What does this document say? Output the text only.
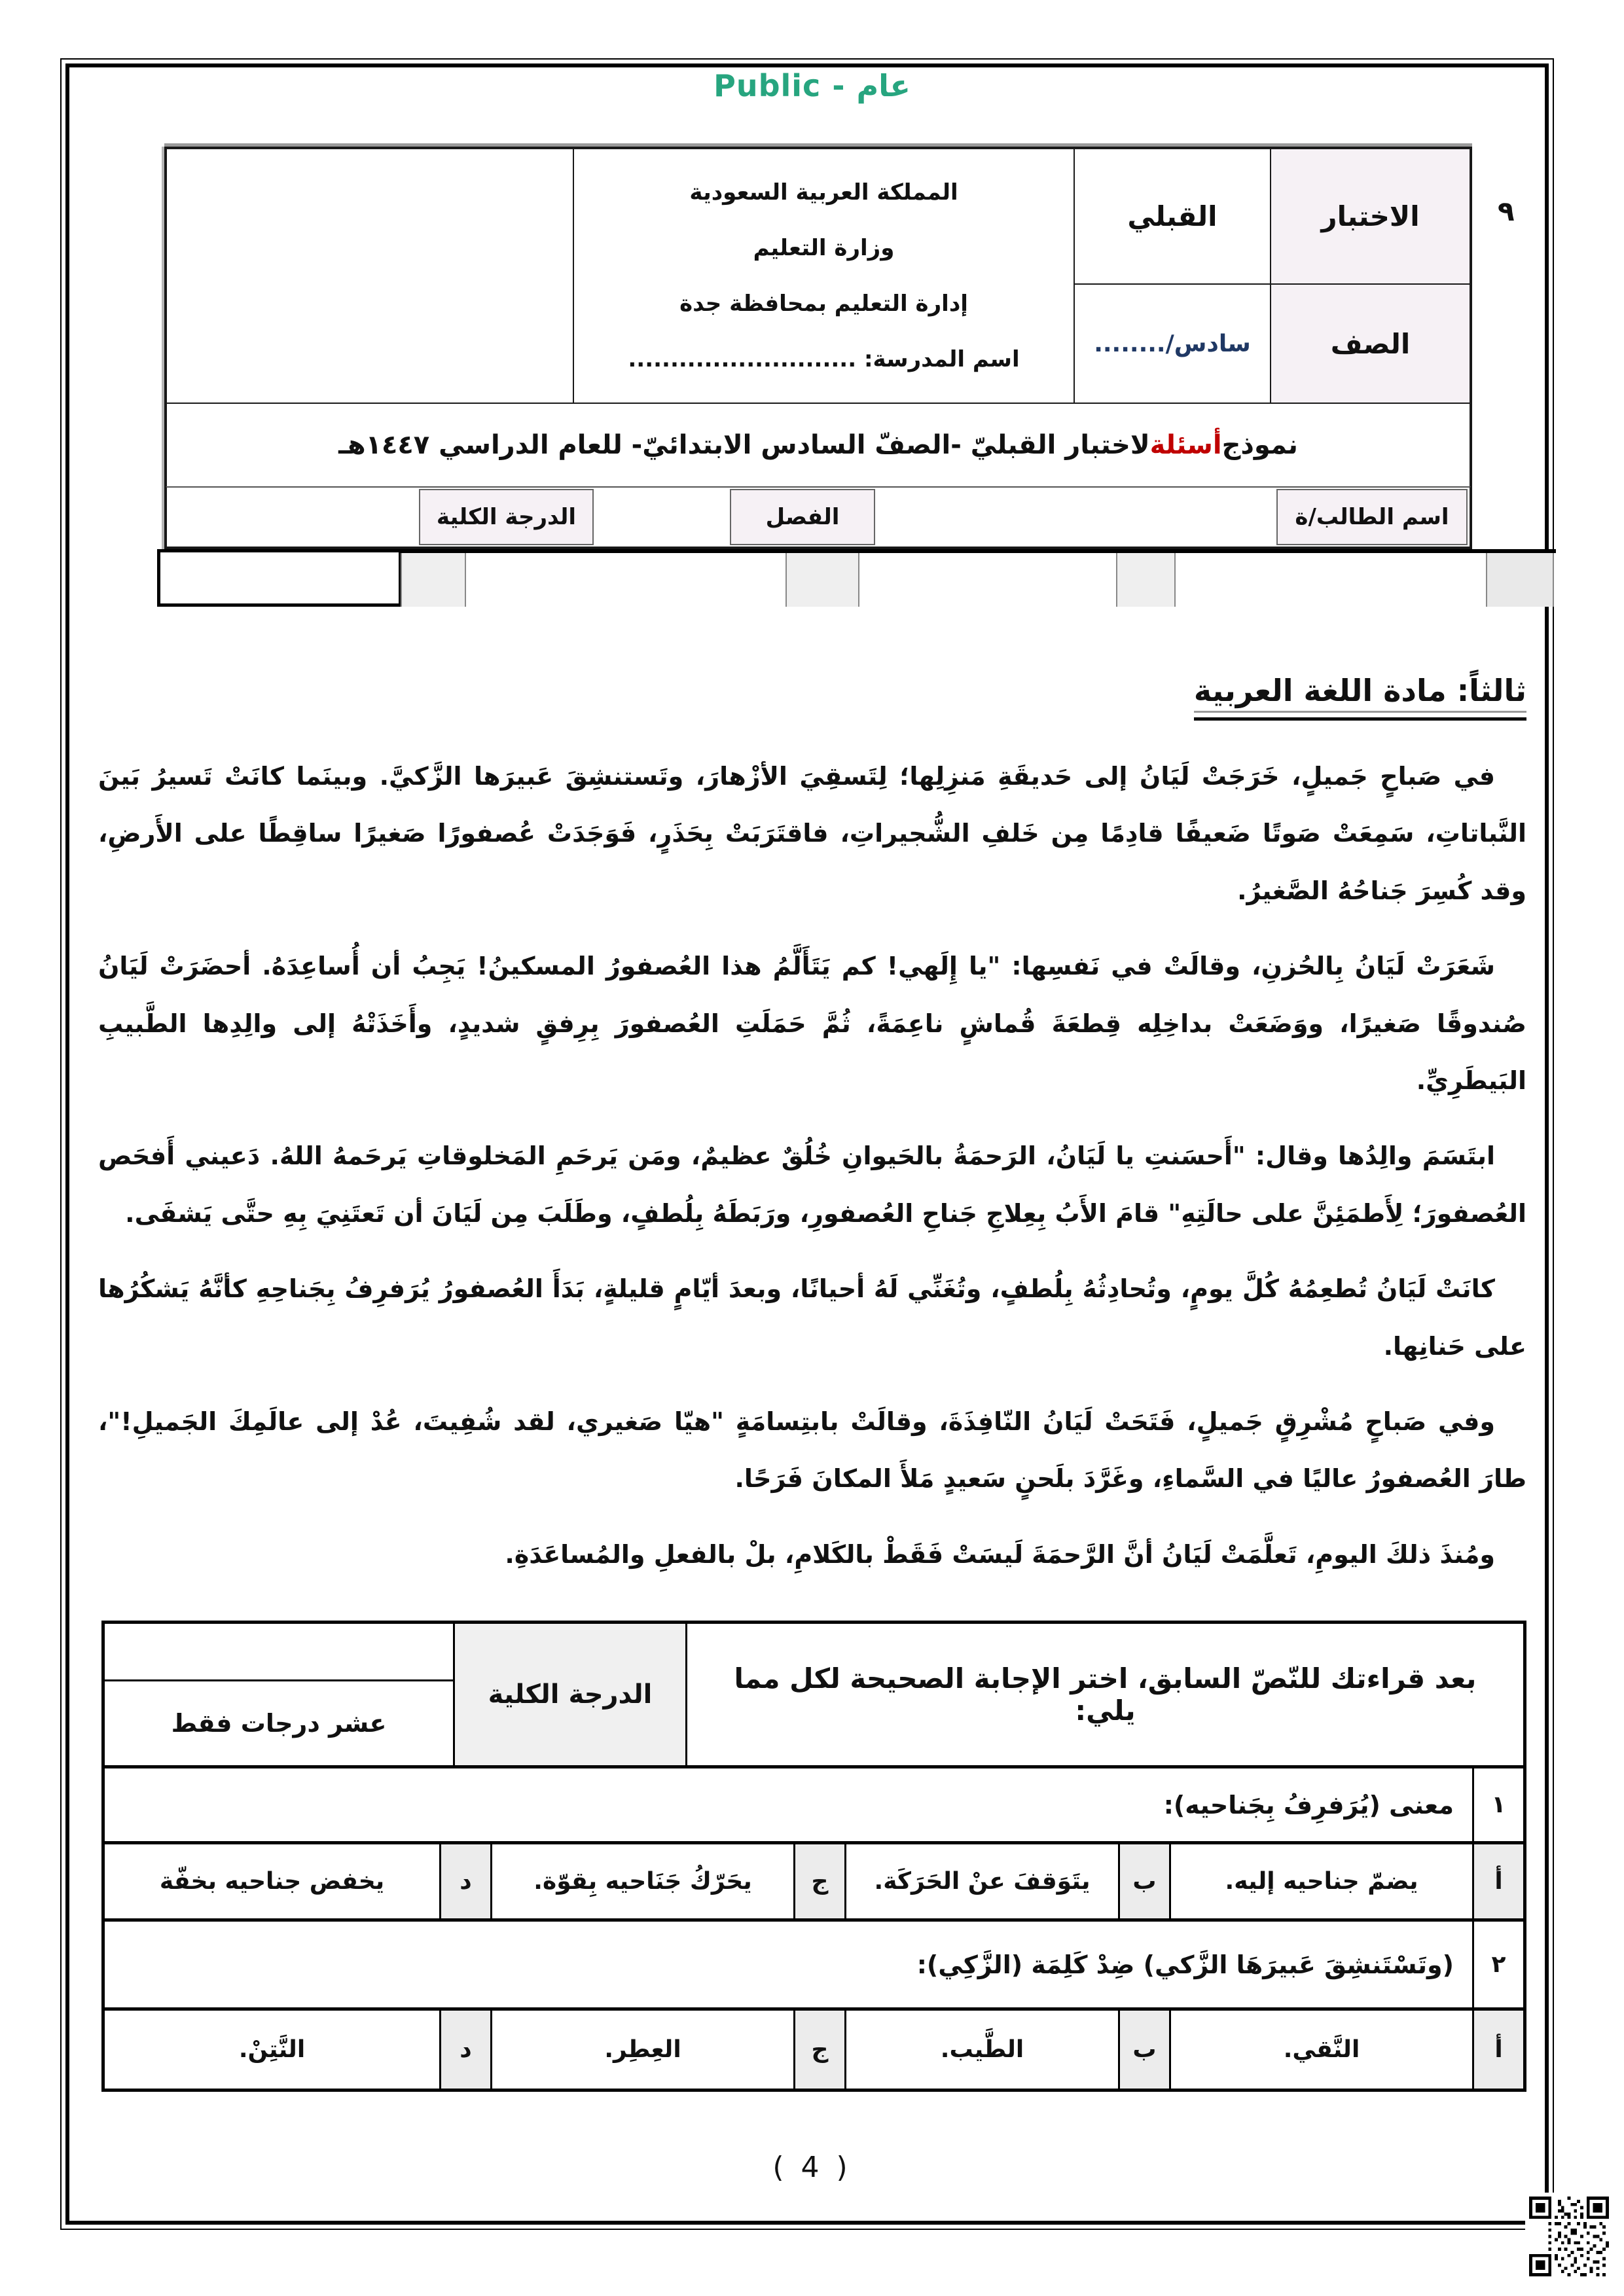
Public - عام
٩
الاختبار
القبلي
الصف
سادس/........
المملكة العربية السعودية
وزارة التعليم
إدارة التعليم بمحافظة جدة
اسم المدرسة: ...........................
نموذج
أسئلة
لاختبار القبليّ -الصفّ السادس الابتدائيّ- للعام الدراسي ١٤٤٧هـ
اسم الطالب/ة
الفصل
الدرجة الكلية
ثالثاً: مادة اللغة العربية

في صَباحٍ جَميلٍ، خَرَجَتْ لَيَانُ إلى حَديقَةِ مَنزِلِها؛ لِتَسقِيَ الأزْهارَ، وتَستنشِقَ عَبيرَها الزَّكيَّ. وبينَما كانَتْ تَسيرُ بَينَ النَّباتاتِ، سَمِعَتْ صَوتًا ضَعيفًا قادِمًا مِن خَلفِ الشُّجيراتِ، فاقتَرَبَتْ بِحَذَرٍ، فَوَجَدَتْ عُصفورًا صَغيرًا ساقِطًا على الأَرضِ، وقد كُسِرَ جَناحُهُ الصَّغيرُ.

شَعَرَتْ لَيَانُ بِالحُزنِ، وقالَتْ في نَفسِها: "يا إِلَهي! كم يَتَأَلَّمُ هذا العُصفورُ المسكينُ! يَجِبُ أن أُساعِدَهُ. أحضَرَتْ لَيَانُ صُندوقًا صَغيرًا، ووَضَعَتْ بداخِلِه قِطعَةَ قُماشٍ ناعِمَةً، ثُمَّ حَمَلَتِ العُصفورَ بِرِفقٍ شديدٍ، وأَخَذَتْهُ إلى والِدِها الطَّبيبِ البَيطَرِيِّ.

ابتَسَمَ والِدُها وقال: "أَحسَنتِ يا لَيَانُ، الرَحمَةُ بالحَيوانِ خُلُقٌ عظيمٌ، ومَن يَرحَمِ المَخلوقاتِ يَرحَمهُ اللهُ. دَعيني أَفحَص العُصفورَ؛ لِأَطمَئِنَّ على حالَتِهِ" قامَ الأَبُ بِعِلاجِ جَناحِ العُصفورِ، ورَبَطَهُ بِلُطفٍ، وطَلَبَ مِن لَيَانَ أن تَعتَنِيَ بِهِ حتَّى يَشفَى.

كانَتْ لَيَانُ تُطعِمُهُ كُلَّ يومٍ، وتُحادِثُهُ بِلُطفٍ، وتُغَنِّي لَهُ أحيانًا، وبعدَ أيّامٍ قليلةٍ، بَدَأَ العُصفورُ يُرَفرِفُ بِجَناحِهِ كأنَّهُ يَشكُرُها على حَنانِها.

وفي صَباحٍ مُشْرِقٍ جَميلٍ، فَتَحَتْ لَيَانُ النّافِذَةَ، وقالَتْ بابتِسامَةٍ "هيّا صَغيري، لقد شُفِيتَ، عُدْ إلى عالَمِكَ الجَميلِ!"، طارَ العُصفورُ عاليًا في السَّماءِ، وغَرَّدَ بلَحنٍ سَعيدٍ مَلأَ المكانَ فَرَحًا.

ومُنذَ ذلكَ اليومِ، تَعلَّمَتْ لَيَانُ أنَّ الرَّحمَةَ لَيسَتْ فَقَطْ بالكَلامِ، بلْ بالفعلِ والمُساعَدَةِ.

بعد قراءتك للنّصّ السابق، اختر الإجابة الصحيحة لكل مما يلي:
الدرجة الكلية
عشر درجات فقط
١
معنى (يُرَفرِفُ بِجَناحيه):
أ
يضمّ جناحيه إليه.
ب
يتَوَقفَ عنْ الحَرَكَة.
ج
يحَرّكُ جَنَاحيه بِقوّة.
د
يخفض جناحيه بخفّة
٢
(وتَسْتَنشِقَ عَبيرَهَا الزَّكي) ضِدْ كَلِمَة (الزَّكِي):
أ
النَّقي.
ب
الطَّيب.
ج
العِطِر.
د
النَّتِنْ.
( 4 )
